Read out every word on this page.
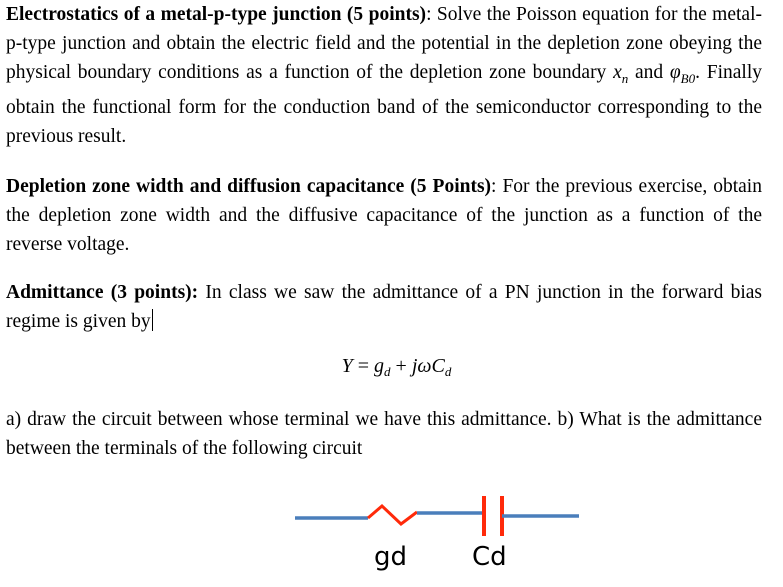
Electrostatics of a metal-p-type junction (5 points): Solve the Poisson equation for the metal-p-type junction and obtain the electric field and the potential in the depletion zone obeying the physical boundary conditions as a function of the depletion zone boundary $x_n$ and $\varphi_{B0}$. Finally obtain the functional form for the conduction band of the semiconductor corresponding to the previous result.
Depletion zone width and diffusion capacitance (5 Points): For the previous exercise, obtain the depletion zone width and the diffusive capacitance of the junction as a function of the reverse voltage.
Admittance (3 points): In class we saw the admittance of a PN junction in the forward bias regime is given by
$Y = g_d + j\omega C_d$
a) draw the circuit between whose terminal we have this admittance. b) What is the admittance between the terminals of the following circuit
gd Cd
